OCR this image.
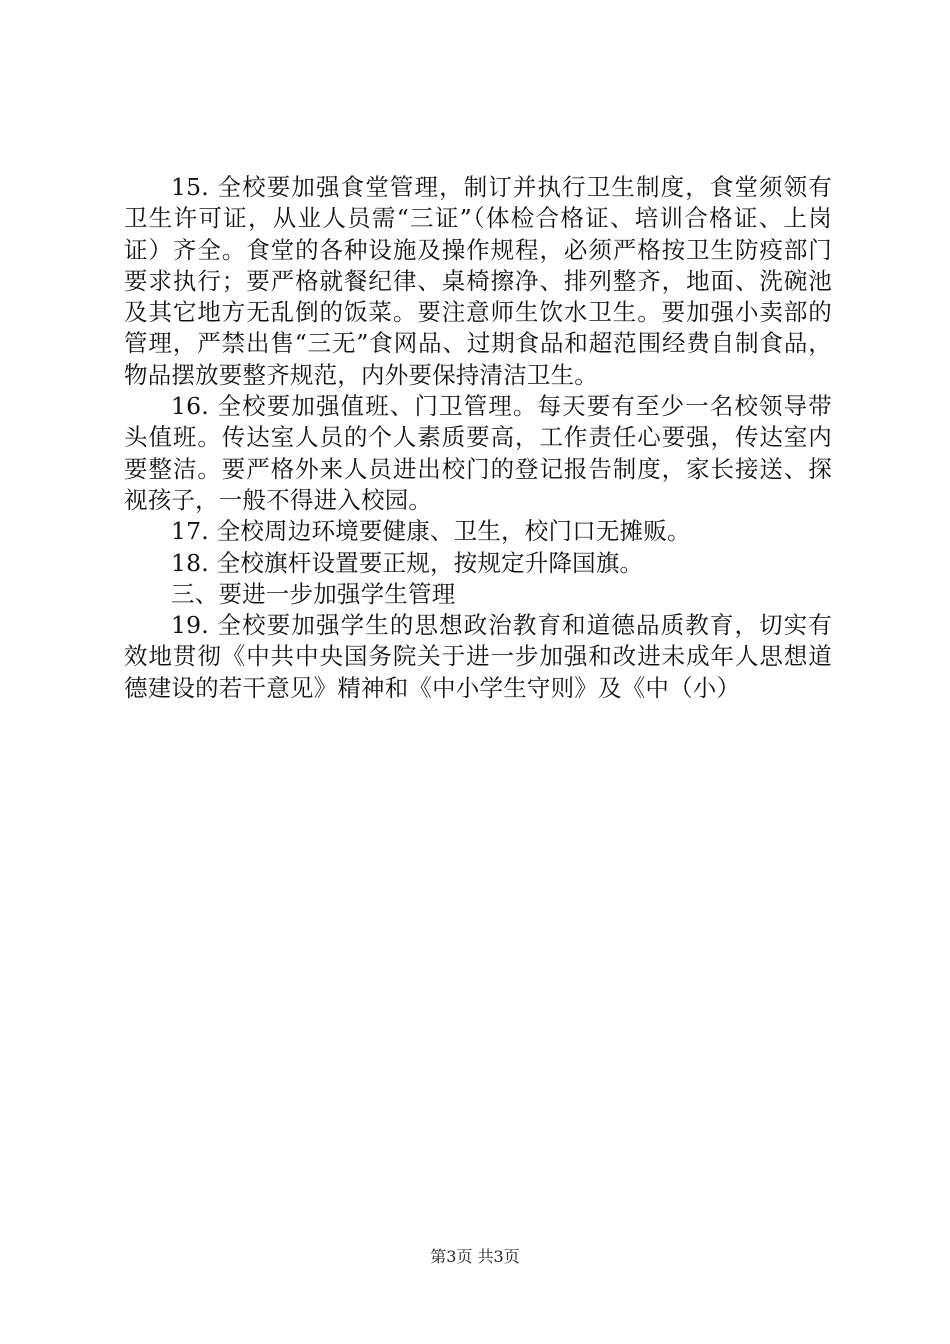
15. 全校要加强食堂管理，制订并执行卫生制度，食堂须领有卫生许可证，从业人员需“三证”（体检合格证、培训合格证、上岗证）齐全。食堂的各种设施及操作规程，必须严格按卫生防疫部门要求执行；要严格就餐纪律、桌椅擦净、排列整齐，地面、洗碗池及其它地方无乱倒的饭菜。要注意师生饮水卫生。要加强小卖部的管理，严禁出售“三无”食网品、过期食品和超范围经费自制食品，物品摆放要整齐规范，内外要保持清洁卫生。

16. 全校要加强值班、门卫管理。每天要有至少一名校领导带头值班。传达室人员的个人素质要高，工作责任心要强，传达室内要整洁。要严格外来人员进出校门的登记报告制度，家长接送、探视孩子，一般不得进入校园。

17. 全校周边环境要健康、卫生，校门口无摊贩。

18. 全校旗杆设置要正规，按规定升降国旗。

三、要进一步加强学生管理

19. 全校要加强学生的思想政治教育和道德品质教育，切实有效地贯彻《中共中央国务院关于进一步加强和改进未成年人思想道德建设的若干意见》精神和《中小学生守则》及《中（小）

第3页 共3页
